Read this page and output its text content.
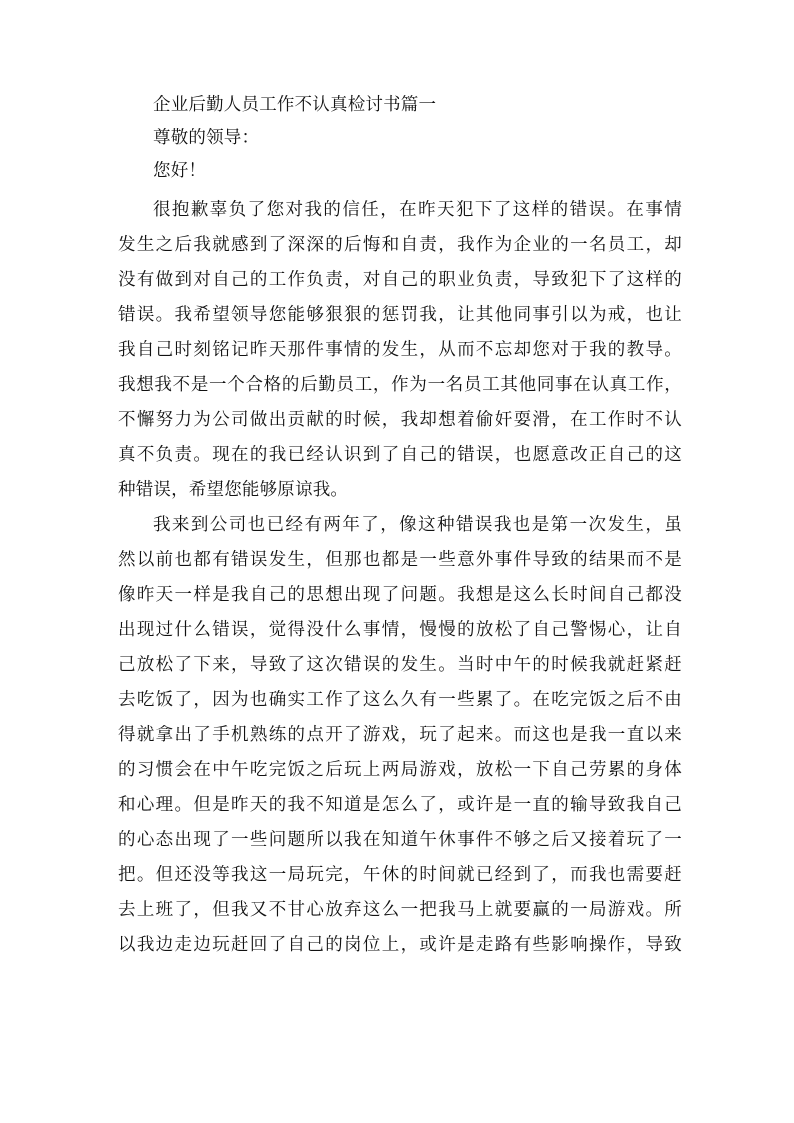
企业后勤人员工作不认真检讨书篇一
尊敬的领导：
您好！
很抱歉辜负了您对我的信任，在昨天犯下了这样的错误。在事情
发生之后我就感到了深深的后悔和自责，我作为企业的一名员工，却
没有做到对自己的工作负责，对自己的职业负责，导致犯下了这样的
错误。我希望领导您能够狠狠的惩罚我，让其他同事引以为戒，也让
我自己时刻铭记昨天那件事情的发生，从而不忘却您对于我的教导。
我想我不是一个合格的后勤员工，作为一名员工其他同事在认真工作，
不懈努力为公司做出贡献的时候，我却想着偷奸耍滑，在工作时不认
真不负责。现在的我已经认识到了自己的错误，也愿意改正自己的这
种错误，希望您能够原谅我。
我来到公司也已经有两年了，像这种错误我也是第一次发生，虽
然以前也都有错误发生，但那也都是一些意外事件导致的结果而不是
像昨天一样是我自己的思想出现了问题。我想是这么长时间自己都没
出现过什么错误，觉得没什么事情，慢慢的放松了自己警惕心，让自
己放松了下来，导致了这次错误的发生。当时中午的时候我就赶紧赶
去吃饭了，因为也确实工作了这么久有一些累了。在吃完饭之后不由
得就拿出了手机熟练的点开了游戏，玩了起来。而这也是我一直以来
的习惯会在中午吃完饭之后玩上两局游戏，放松一下自己劳累的身体
和心理。但是昨天的我不知道是怎么了，或许是一直的输导致我自己
的心态出现了一些问题所以我在知道午休事件不够之后又接着玩了一
把。但还没等我这一局玩完，午休的时间就已经到了，而我也需要赶
去上班了，但我又不甘心放弃这么一把我马上就要赢的一局游戏。所
以我边走边玩赶回了自己的岗位上，或许是走路有些影响操作，导致
